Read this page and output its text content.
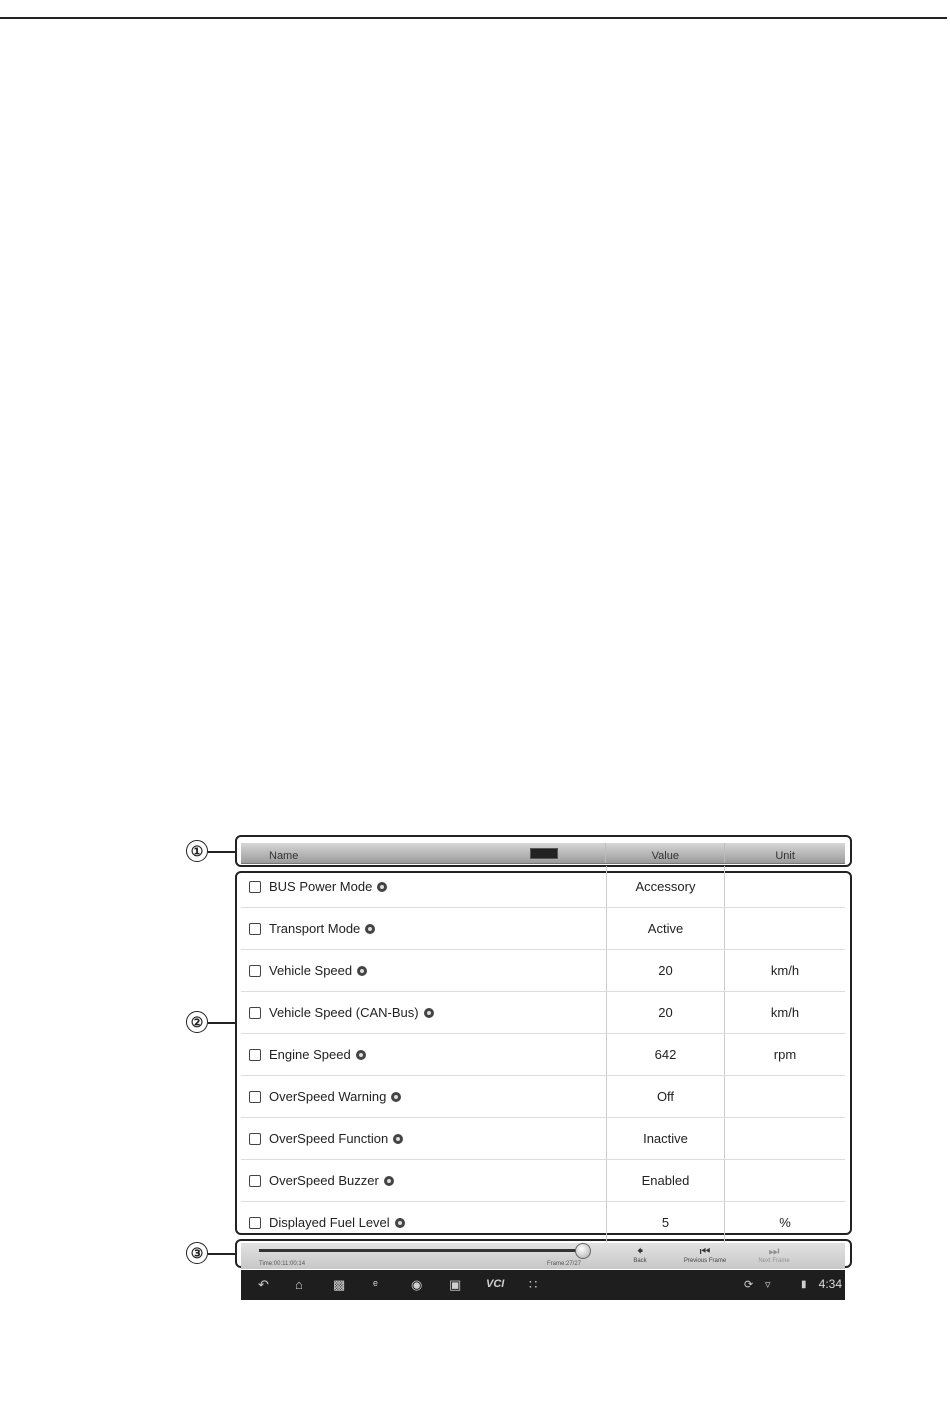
①
②
③
Name	Value	Unit
BUS Power Mode	Accessory
Transport Mode	Active
Vehicle Speed	20	km/h
Vehicle Speed (CAN-Bus)	20	km/h
Engine Speed	642	rpm
OverSpeed Warning	Off
OverSpeed Function	Inactive
OverSpeed Buzzer	Enabled
Displayed Fuel Level	5	%
Time:00:11:00:14	Frame:27/27
🠸
Back
⏮
Previous Frame
⏭
Next Frame
↶ ⌂ ▩ ᵉ	◉ ▣ VCI ∷	⟳ ▿	▮ 4:34
